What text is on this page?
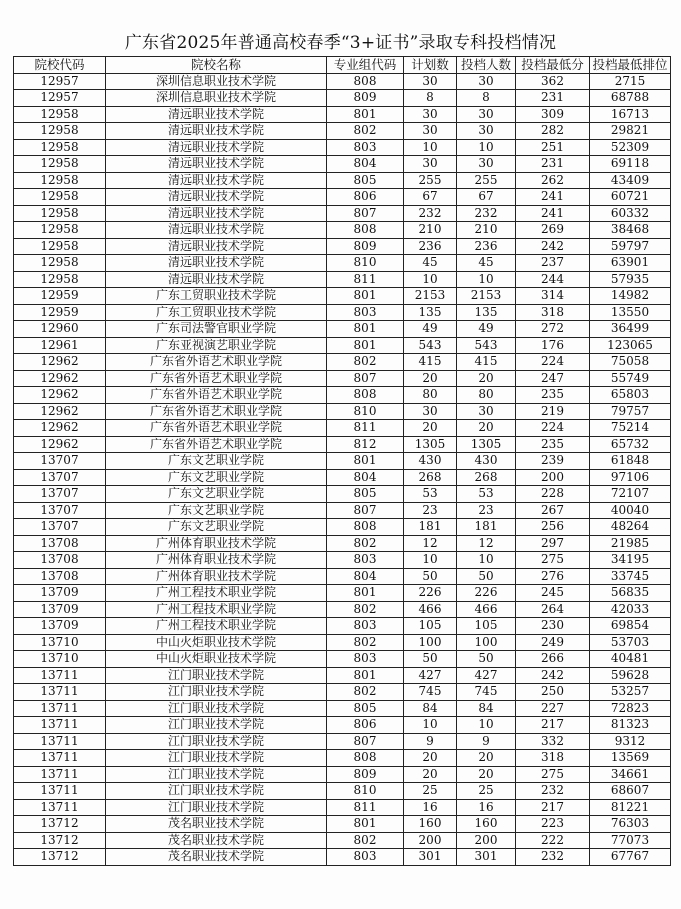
广东省2025年普通高校春季“3+证书”录取专科投档情况
院校代码	院校名称	专业组代码	计划数	投档人数	投档最低分	投档最低排位
12957	深圳信息职业技术学院	808	30	30	362	2715
12957	深圳信息职业技术学院	809	8	8	231	68788
12958	清远职业技术学院	801	30	30	309	16713
12958	清远职业技术学院	802	30	30	282	29821
12958	清远职业技术学院	803	10	10	251	52309
12958	清远职业技术学院	804	30	30	231	69118
12958	清远职业技术学院	805	255	255	262	43409
12958	清远职业技术学院	806	67	67	241	60721
12958	清远职业技术学院	807	232	232	241	60332
12958	清远职业技术学院	808	210	210	269	38468
12958	清远职业技术学院	809	236	236	242	59797
12958	清远职业技术学院	810	45	45	237	63901
12958	清远职业技术学院	811	10	10	244	57935
12959	广东工贸职业技术学院	801	2153	2153	314	14982
12959	广东工贸职业技术学院	803	135	135	318	13550
12960	广东司法警官职业学院	801	49	49	272	36499
12961	广东亚视演艺职业学院	801	543	543	176	123065
12962	广东省外语艺术职业学院	802	415	415	224	75058
12962	广东省外语艺术职业学院	807	20	20	247	55749
12962	广东省外语艺术职业学院	808	80	80	235	65803
12962	广东省外语艺术职业学院	810	30	30	219	79757
12962	广东省外语艺术职业学院	811	20	20	224	75214
12962	广东省外语艺术职业学院	812	1305	1305	235	65732
13707	广东文艺职业学院	801	430	430	239	61848
13707	广东文艺职业学院	804	268	268	200	97106
13707	广东文艺职业学院	805	53	53	228	72107
13707	广东文艺职业学院	807	23	23	267	40040
13707	广东文艺职业学院	808	181	181	256	48264
13708	广州体育职业技术学院	802	12	12	297	21985
13708	广州体育职业技术学院	803	10	10	275	34195
13708	广州体育职业技术学院	804	50	50	276	33745
13709	广州工程技术职业学院	801	226	226	245	56835
13709	广州工程技术职业学院	802	466	466	264	42033
13709	广州工程技术职业学院	803	105	105	230	69854
13710	中山火炬职业技术学院	802	100	100	249	53703
13710	中山火炬职业技术学院	803	50	50	266	40481
13711	江门职业技术学院	801	427	427	242	59628
13711	江门职业技术学院	802	745	745	250	53257
13711	江门职业技术学院	805	84	84	227	72823
13711	江门职业技术学院	806	10	10	217	81323
13711	江门职业技术学院	807	9	9	332	9312
13711	江门职业技术学院	808	20	20	318	13569
13711	江门职业技术学院	809	20	20	275	34661
13711	江门职业技术学院	810	25	25	232	68607
13711	江门职业技术学院	811	16	16	217	81221
13712	茂名职业技术学院	801	160	160	223	76303
13712	茂名职业技术学院	802	200	200	222	77073
13712	茂名职业技术学院	803	301	301	232	67767
